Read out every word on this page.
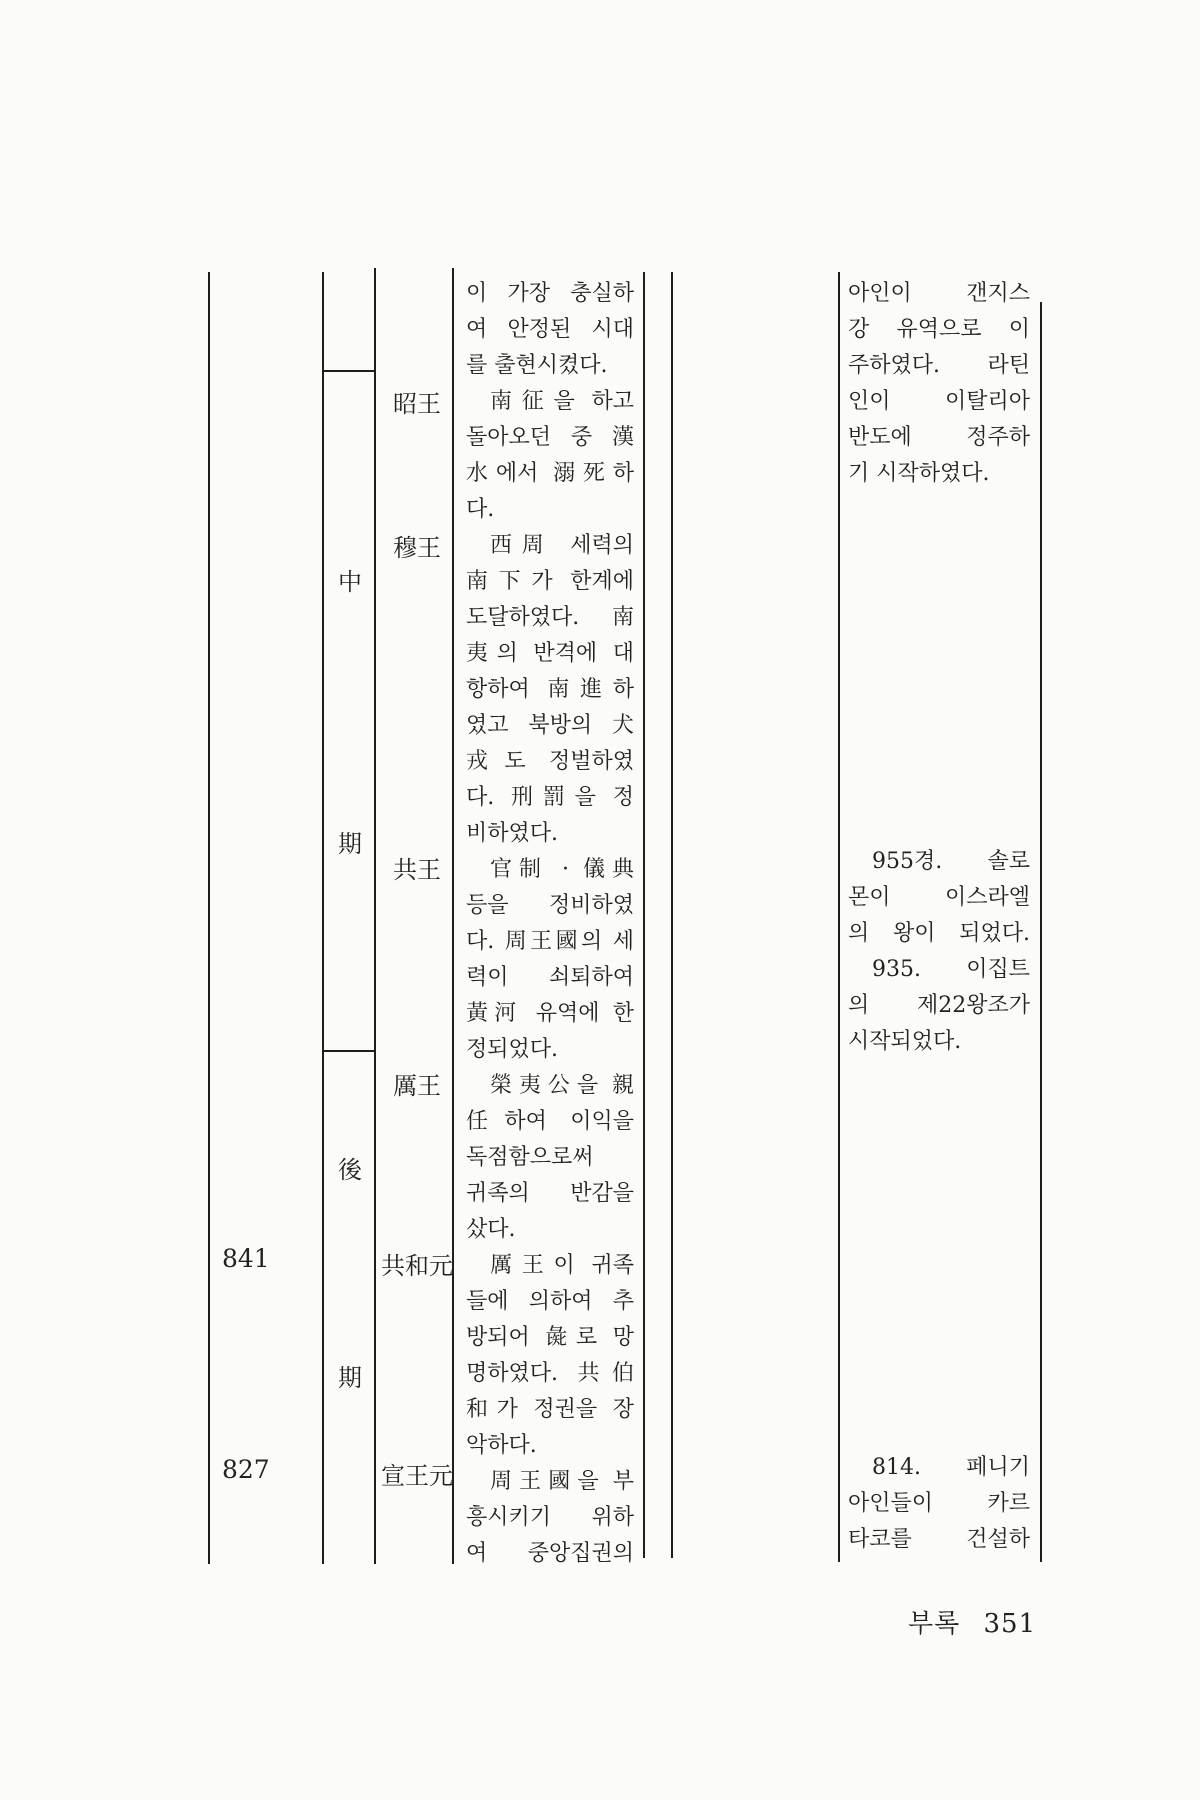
841
827
中
期
後
期
昭王
穆王
共王
厲王
共和元
宣王元
이 가장 충실하
여 안정된 시대
를 출현시켰다.
南征을 하고
돌아오던 중 漢
水에서 溺死하
다.
西周 세력의
南下가 한계에
도달하였다. 南
夷의 반격에 대
항하여 南進하
였고 북방의 犬
戎도 정벌하였
다. 刑罰을 정
비하였다.
官制 · 儀典
등을 정비하였
다. 周王國의 세
력이 쇠퇴하여
黃河 유역에 한
정되었다.
榮夷公을 親
任하여 이익을
독점함으로써
귀족의 반감을
샀다.
厲王이 귀족
들에 의하여 추
방되어 彘로 망
명하였다. 共伯
和가 정권을 장
악하다.
周王國을 부
흥시키기 위하
여 중앙집권의
아인이 갠지스
강 유역으로 이
주하였다. 라틴
인이 이탈리아
반도에 정주하
기 시작하였다.
955경. 솔로
몬이 이스라엘
의 왕이 되었다.
935. 이집트
의 제22왕조가
시작되었다.
814. 페니기
아인들이 카르
타코를 건설하
부록 351
